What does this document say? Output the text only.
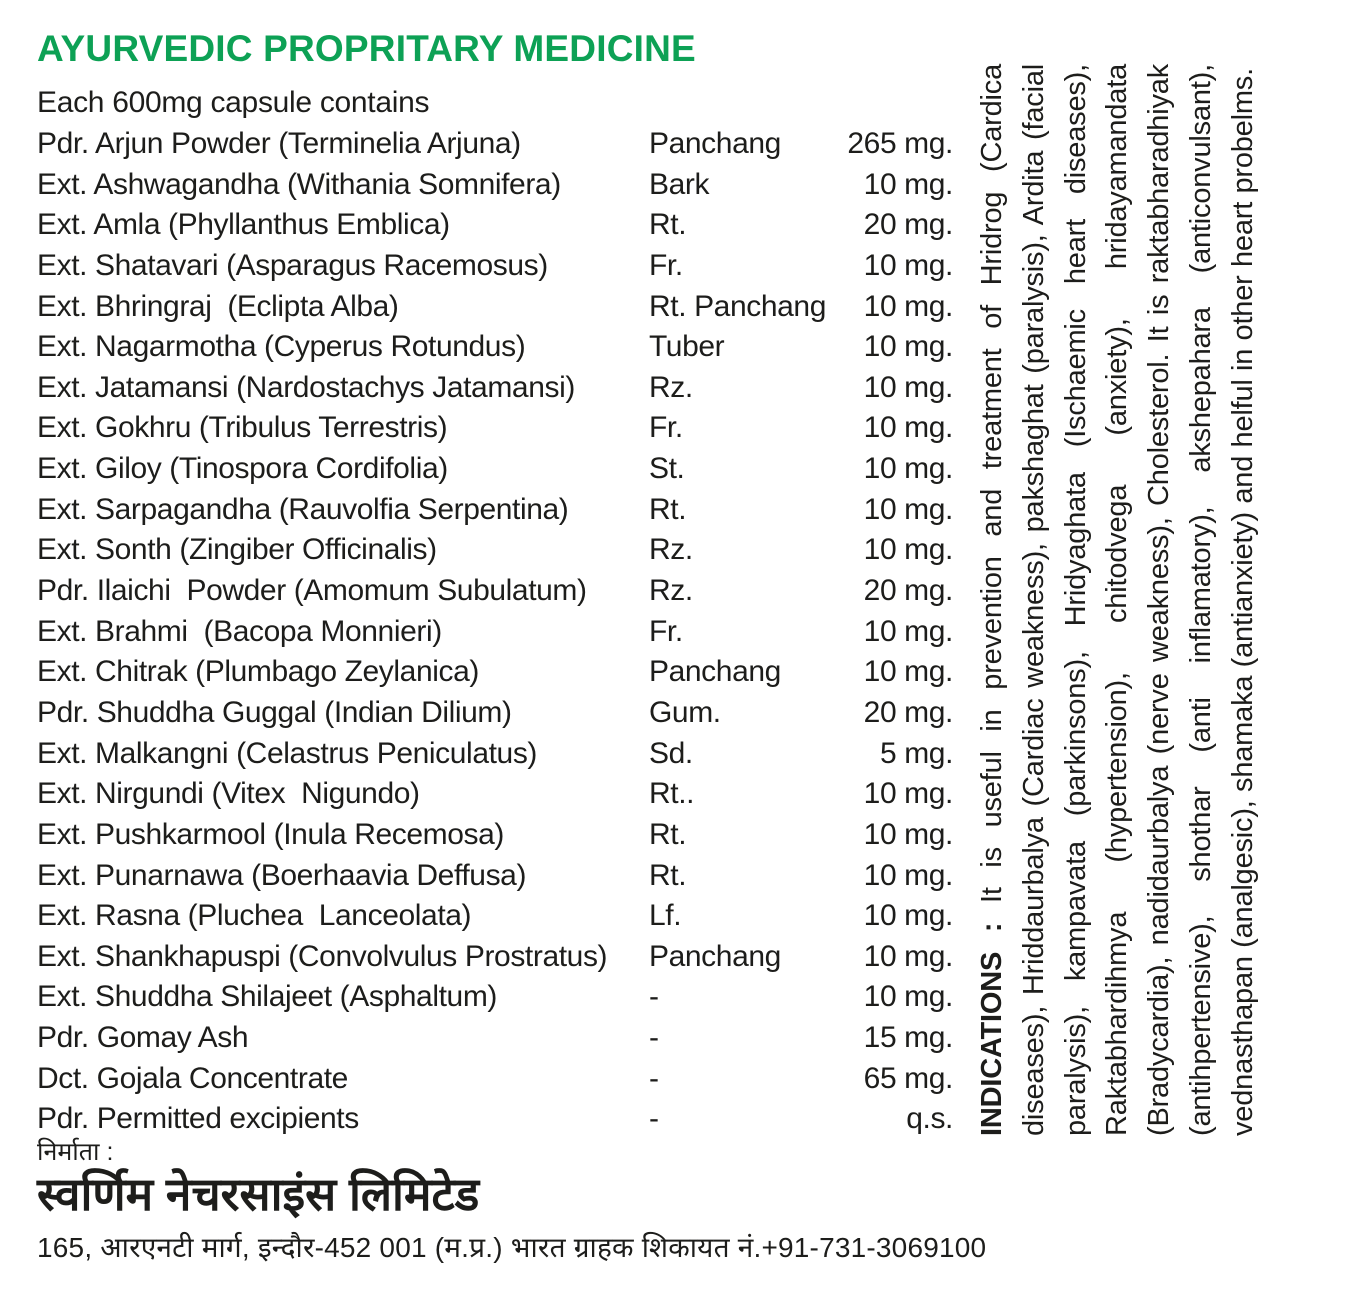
AYURVEDIC PROPRITARY MEDICINE
Each 600mg capsule contains
Pdr. Arjun Powder (Terminelia Arjuna)	Panchang	265 mg.
Ext. Ashwagandha (Withania Somnifera)	Bark	10 mg.
Ext. Amla (Phyllanthus Emblica)	Rt.	20 mg.
Ext. Shatavari (Asparagus Racemosus)	Fr.	10 mg.
Ext. Bhringraj  (Eclipta Alba)	Rt. Panchang	10 mg.
Ext. Nagarmotha (Cyperus Rotundus)	Tuber	10 mg.
Ext. Jatamansi (Nardostachys Jatamansi)	Rz.	10 mg.
Ext. Gokhru (Tribulus Terrestris)	Fr.	10 mg.
Ext. Giloy (Tinospora Cordifolia)	St.	10 mg.
Ext. Sarpagandha (Rauvolfia Serpentina)	Rt.	10 mg.
Ext. Sonth (Zingiber Officinalis)	Rz.	10 mg.
Pdr. Ilaichi  Powder (Amomum Subulatum)	Rz.	20 mg.
Ext. Brahmi  (Bacopa Monnieri)	Fr.	10 mg.
Ext. Chitrak (Plumbago Zeylanica)	Panchang	10 mg.
Pdr. Shuddha Guggal (Indian Dilium)	Gum.	20 mg.
Ext. Malkangni (Celastrus Peniculatus)	Sd.	5 mg.
Ext. Nirgundi (Vitex  Nigundo)	Rt..	10 mg.
Ext. Pushkarmool (Inula Recemosa)	Rt.	10 mg.
Ext. Punarnawa (Boerhaavia Deffusa)	Rt.	10 mg.
Ext. Rasna (Pluchea  Lanceolata)	Lf.	10 mg.
Ext. Shankhapuspi (Convolvulus Prostratus)	Panchang	10 mg.
Ext. Shuddha Shilajeet (Asphaltum)	-	10 mg.
Pdr. Gomay Ash	-	15 mg.
Dct. Gojala Concentrate	-	65 mg.
Pdr. Permitted excipients	-	q.s. INDICATIONS : It is useful in prevention and treatment of Hridrog (Cardica diseases), Hriddaurbalya (Cardiac weakness), pakshaghat (paralysis), Ardita (facial paralysis), kampavata (parkinsons), Hridyaghata (Ischaemic heart diseases), Raktabhardihmya (hypertension), chitodvega (anxiety), hridayamandata (Bradycardia), nadidaurbalya (nerve weakness), Cholesterol. It is raktabharadhiyak (antihpertensive), shothar (anti inflamatory), akshepahara (anticonvulsant), vednasthapan (analgesic), shamaka (antianxiety) and helful in other heart probelms.
निर्माता :
स्वर्णिम नेचरसाइंस लिमिटेड
165, आरएनटी मार्ग, इन्दौर-452 001 (म.प्र.) भारत ग्राहक शिकायत नं.+91-731-3069100
